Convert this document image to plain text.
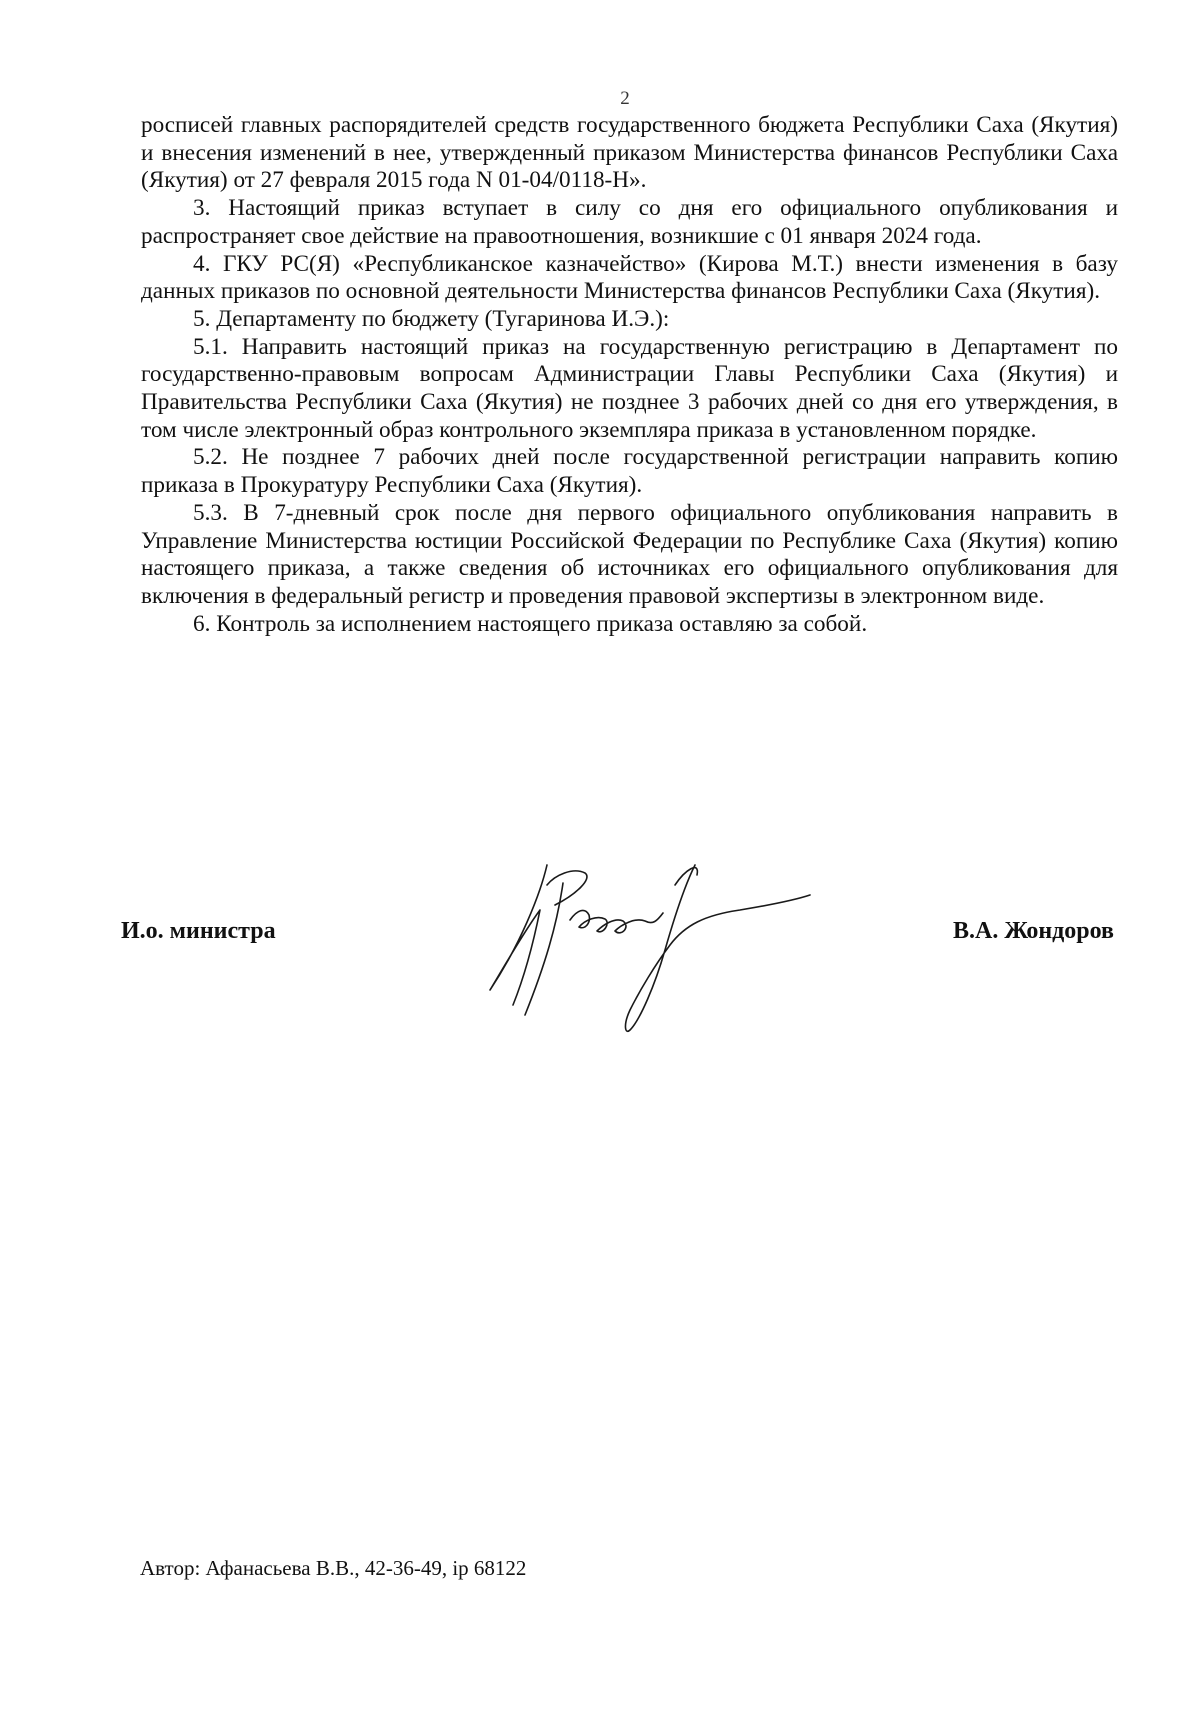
2

росписей главных распорядителей средств государственного бюджета Республики Саха (Якутия) и внесения изменений в нее, утвержденный приказом Министерства финансов Республики Саха (Якутия) от 27 февраля 2015 года N 01-04/0118-Н».

3. Настоящий приказ вступает в силу со дня его официального опубликования и распространяет свое действие на правоотношения, возникшие с 01 января 2024 года.

4. ГКУ РС(Я) «Республиканское казначейство» (Кирова М.Т.) внести изменения в базу данных приказов по основной деятельности Министерства финансов Республики Саха (Якутия).

5. Департаменту по бюджету (Тугаринова И.Э.):

5.1. Направить настоящий приказ на государственную регистрацию в Департамент по государственно-правовым вопросам Администрации Главы Республики Саха (Якутия) и Правительства Республики Саха (Якутия) не позднее 3 рабочих дней со дня его утверждения, в том числе электронный образ контрольного экземпляра приказа в установленном порядке.

5.2. Не позднее 7 рабочих дней после государственной регистрации направить копию приказа в Прокуратуру Республики Саха (Якутия).

5.3. В 7-дневный срок после дня первого официального опубликования направить в Управление Министерства юстиции Российской Федерации по Республике Саха (Якутия) копию настоящего приказа, а также сведения об источниках его официального опубликования для включения в федеральный регистр и проведения правовой экспертизы в электронном виде.

6. Контроль за исполнением настоящего приказа оставляю за собой.

И.о. министра	В.А. Жондоров
Автор: Афанасьева В.В., 42-36-49, ip 68122
